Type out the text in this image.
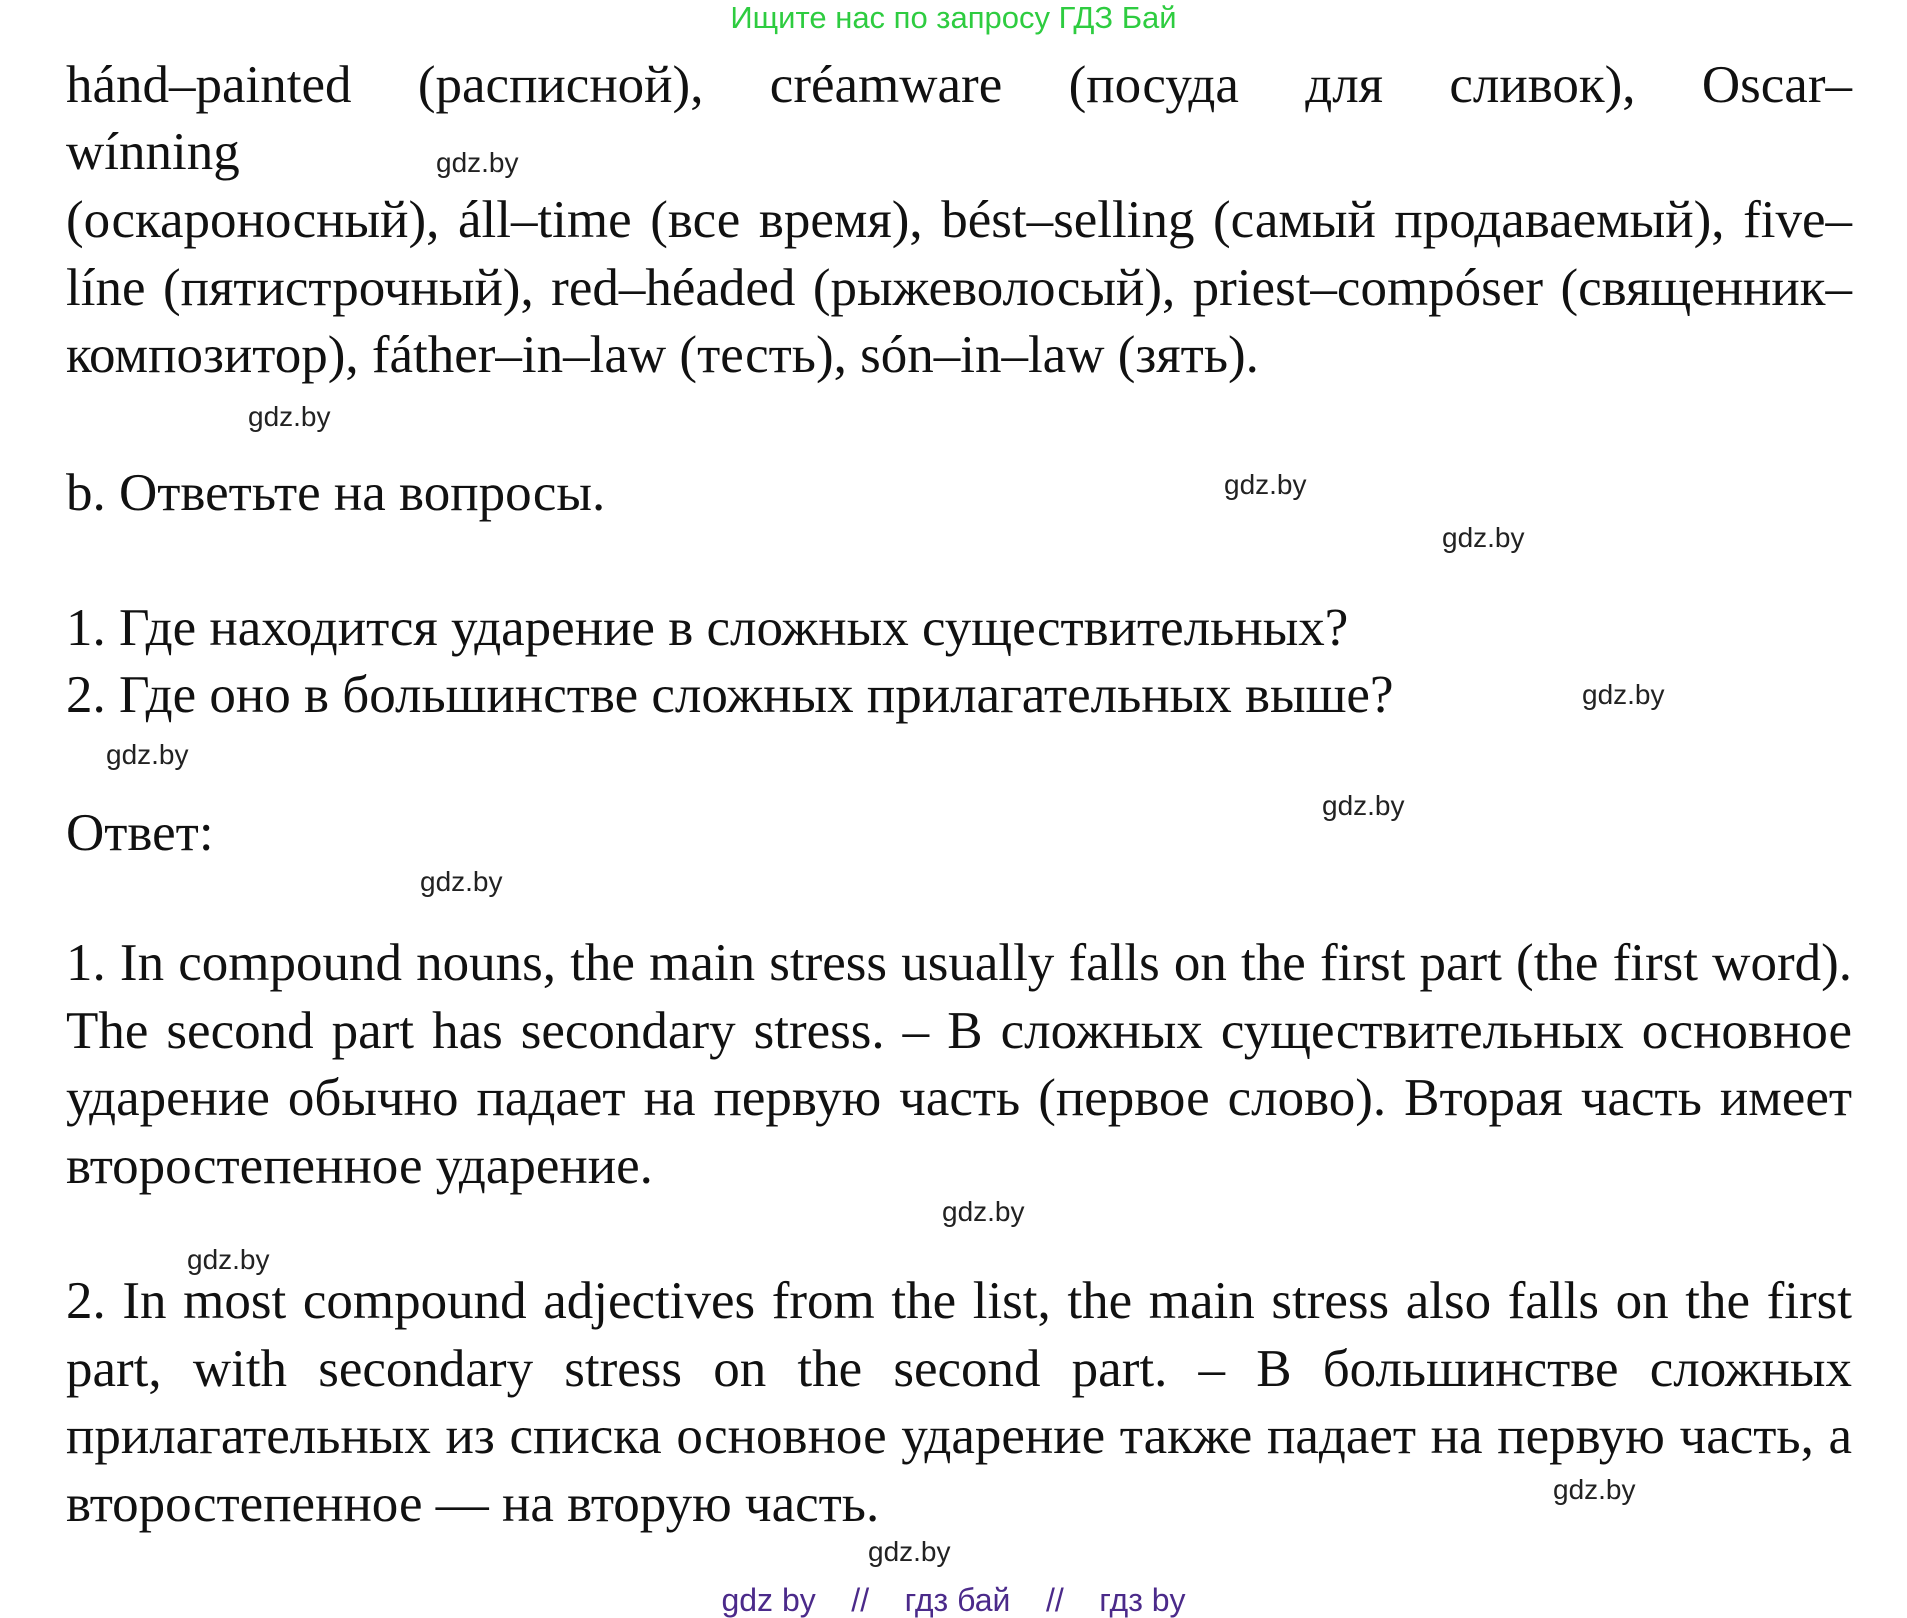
Ищите нас по запросу ГДЗ Бай
hánd–painted (расписной), créamware (посуда для сливок), Oscar–
wínning

(оскароносный), áll–time (все время), bést–selling (самый продаваемый), five–líne (пятистрочный), red–héaded (рыжеволосый), priest–compóser (священник–композитор), fáther–in–law (тесть), són–in–law (зять).

b. Ответьте на вопросы.
1. Где находится ударение в сложных существительных?
2. Где оно в большинстве сложных прилагательных выше?
Ответ:

1. In compound nouns, the main stress usually falls on the first part (the first word). The second part has secondary stress. – В сложных существительных основное ударение обычно падает на первую часть (первое слово). Вторая часть имеет второстепенное ударение.

2. In most compound adjectives from the list, the main stress also falls on the first part, with secondary stress on the second part. – В большинстве сложных прилагательных из списка основное ударение также падает на первую часть, а второстепенное — на вторую часть.

gdz.by
gdz.by
gdz.by
gdz.by
gdz.by
gdz.by
gdz.by
gdz.by
gdz.by
gdz.by
gdz.by
gdz.by
gdz by // гдз бай // гдз by
